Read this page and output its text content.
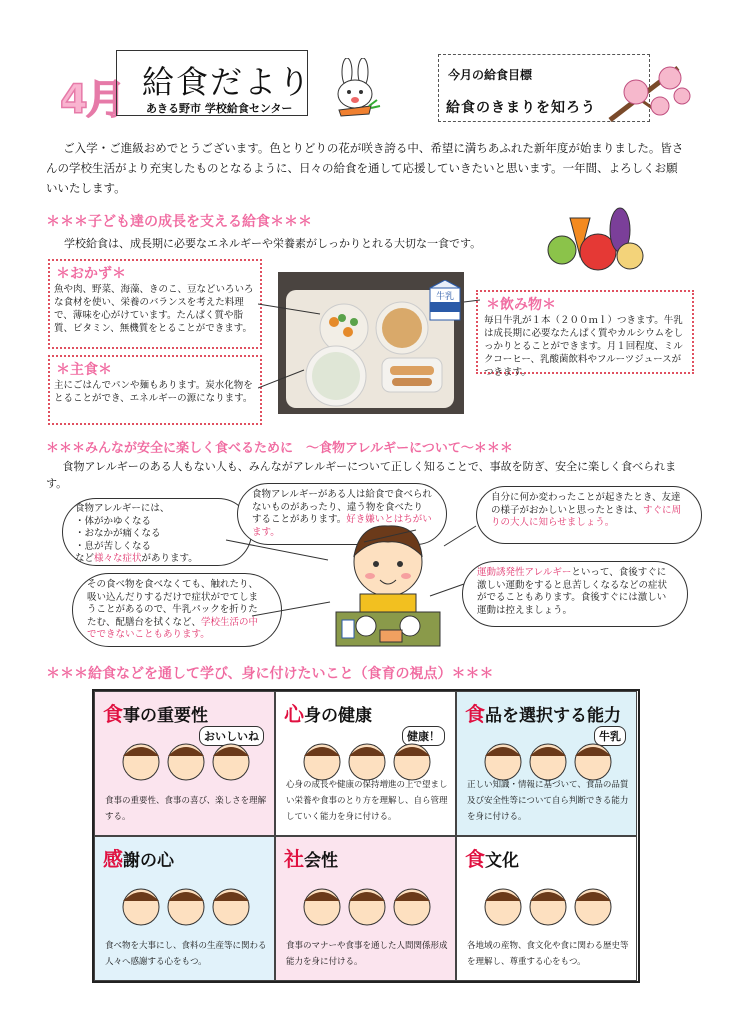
4月 給食だより
あきる野市 学校給食センター
今月の給食目標
給食のきまりを知ろう
ご入学・ご進級おめでとうございます。色とりどりの花が咲き誇る中、希望に満ちあふれた新年度が始まりました。皆さんの学校生活がより充実したものとなるように、日々の給食を通して応援していきたいと思います。一年間、よろしくお願いいたします。
＊＊＊子ども達の成長を支える給食＊＊＊
学校給食は、成長期に必要なエネルギーや栄養素がしっかりとれる大切な一食です。
＊おかず＊
魚や肉、野菜、海藻、きのこ、豆などいろいろな食材を使い、栄養のバランスを考えた料理で、薄味を心がけています。たんぱく質や脂質、ビタミン、無機質をとることができます。
＊主食＊
主にごはんでパンや麺もあります。炭水化物をとることができ、エネルギーの源になります。
牛乳	＊飲み物＊
毎日牛乳が１本（２００ｍｌ）つきます。牛乳は成長期に必要なたんぱく質やカルシウムをしっかりとることができます。月１回程度、ミルクコーヒー、乳酸菌飲料やフルーツジュースがつきます。
＊＊＊みんなが安全に楽しく食べるために　～食物アレルギーについて～＊＊＊
食物アレルギーのある人もない人も、みんながアレルギーについて正しく知ることで、事故を防ぎ、安全に楽しく食べられます。
食物アレルギーには、
・体がかゆくなる
・おなかが痛くなる
・息が苦しくなる
など様々な症状があります。
食物アレルギーがある人は給食で食べられないものがあったり、違う物を食べたりすることがあります。好き嫌いとはちがいます。
自分に何か変わったことが起きたとき、友達の様子がおかしいと思ったときは、すぐに周りの大人に知らせましょう。
その食べ物を食べなくても、触れたり、吸い込んだりするだけで症状がでてしまうことがあるので、牛乳パックを折りたたむ、配膳台を拭くなど、学校生活の中でできないこともあります。
運動誘発性アレルギーといって、食後すぐに激しい運動をすると息苦しくなるなどの症状がでることもあります。食後すぐには激しい運動は控えましょう。
＊＊＊給食などを通して学び、身に付けたいこと（食育の視点）＊＊＊
食事の重要性
おいしいね

食事の重要性、食事の喜び、楽しさを理解する。

心身の健康
健康！

心身の成長や健康の保持増進の上で望ましい栄養や食事のとり方を理解し、自ら管理していく能力を身に付ける。

食品を選択する能力
牛乳

正しい知識・情報に基づいて、食品の品質及び安全性等について自ら判断できる能力を身に付ける。

感謝の心

食べ物を大事にし、食料の生産等に関わる人々へ感謝する心をもつ。

社会性

食事のマナーや食事を通した人間関係形成能力を身に付ける。

食文化

各地域の産物、食文化や食に関わる歴史等を理解し、尊重する心をもつ。
